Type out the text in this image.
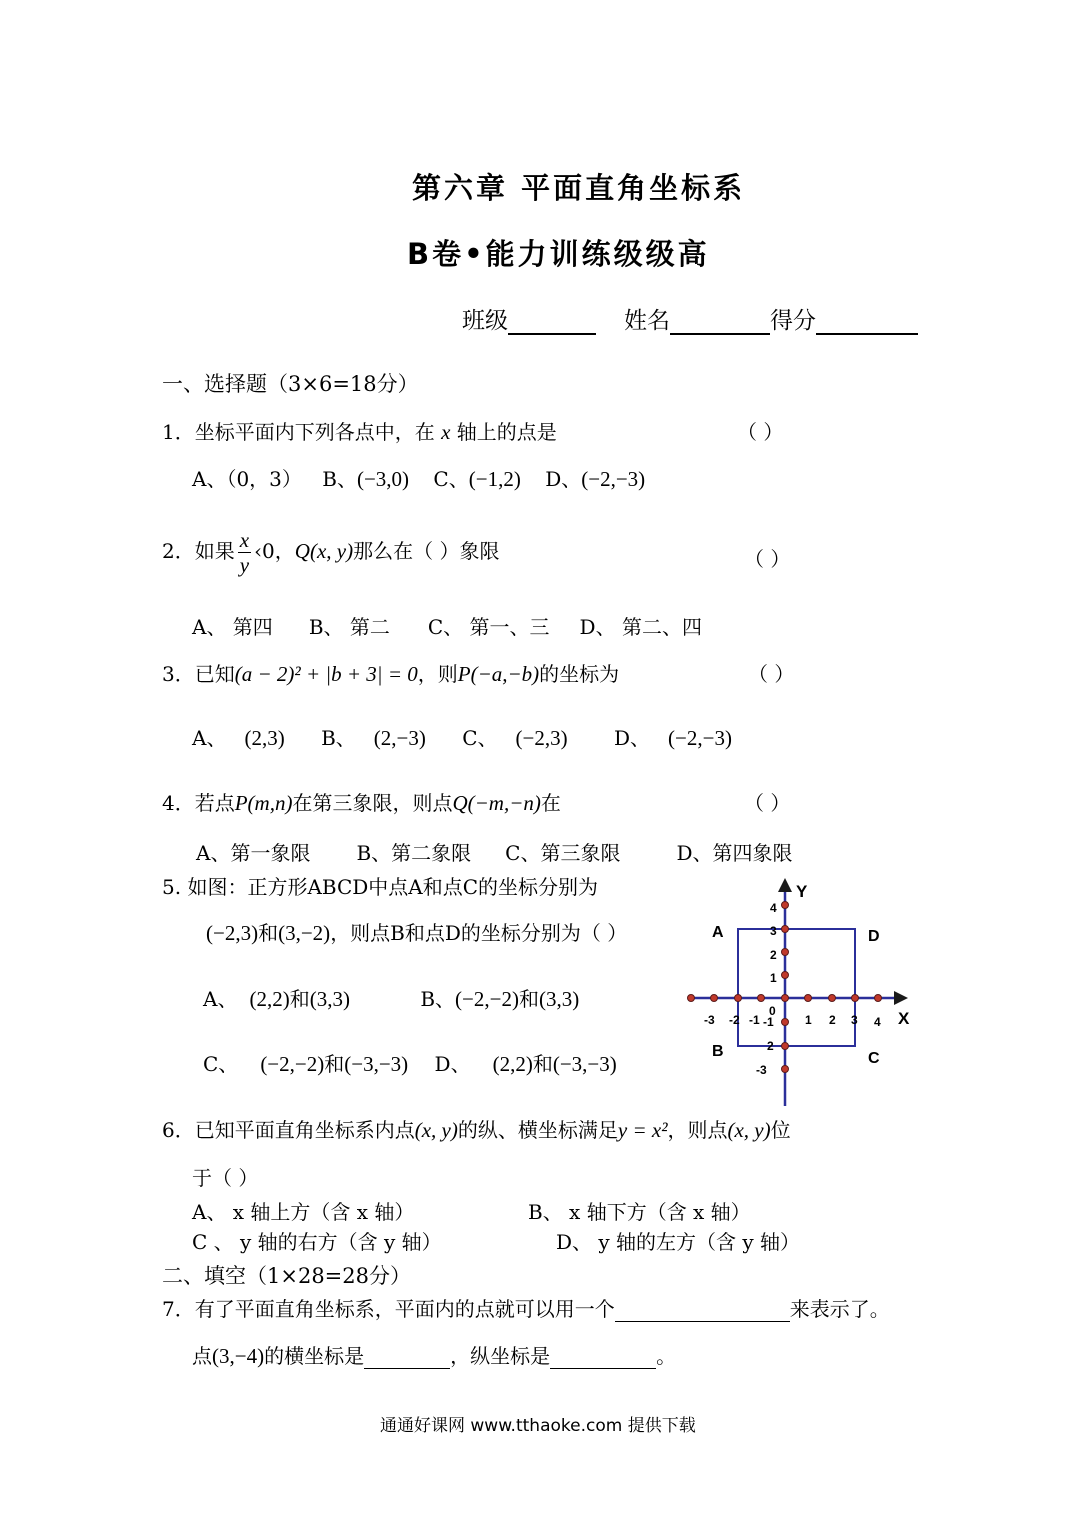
第六章 平面直角坐标系
B卷•能力训练级级高
班级	姓名	得分
一、选择题（3×6=18分）
1．坐标平面内下列各点中，在 x 轴上的点是	（ ）
A、（0，3） B、(−3,0) C、(−1,2) D、(−2,−3)
2．如果 $\frac{x}{y}$ ‹0，Q(x, y)那么在（ ）象限	（ ）
A、 第四 B、 第二 C、 第一、三 D、 第二、四
3．已知(a − 2)² + |b + 3| = 0，则P(−a,−b)的坐标为	（ ）
A、 (2,3) B、 (2,−3) C、 (−2,3) D、 (−2,−3)
4．若点P(m,n)在第三象限，则点Q(−m,−n)在	（ ）
A、第一象限 B、第二象限 C、第三象限	D、第四象限
5. 如图：正方形ABCD中点A和点C的坐标分别为
(−2,3)和(3,−2)，则点B和点D的坐标分别为（ ）
A、 (2,2)和(3,3)	B、(−2,−2)和(3,3)
C、 (−2,−2)和(−3,−3) D、 (2,2)和(−3,−3)
Y
X
A	D
B	C
0
-3 -2 -1	1 2 3 4
4
3
2
1
-1
2
-3
6．已知平面直角坐标系内点(x, y)的纵、横坐标满足y = x²，则点(x, y)位
于（ ）
A、 x 轴上方（含 x 轴）	B、 x 轴下方（含 x 轴）
C 、 y 轴的右方（含 y 轴）	D、 y 轴的左方（含 y 轴）
二、填空（1×28=28分）
7．有了平面直角坐标系，平面内的点就可以用一个	来表示了。
点(3,−4)的横坐标是	，纵坐标是	。
通通好课网 www.tthaoke.com 提供下载
